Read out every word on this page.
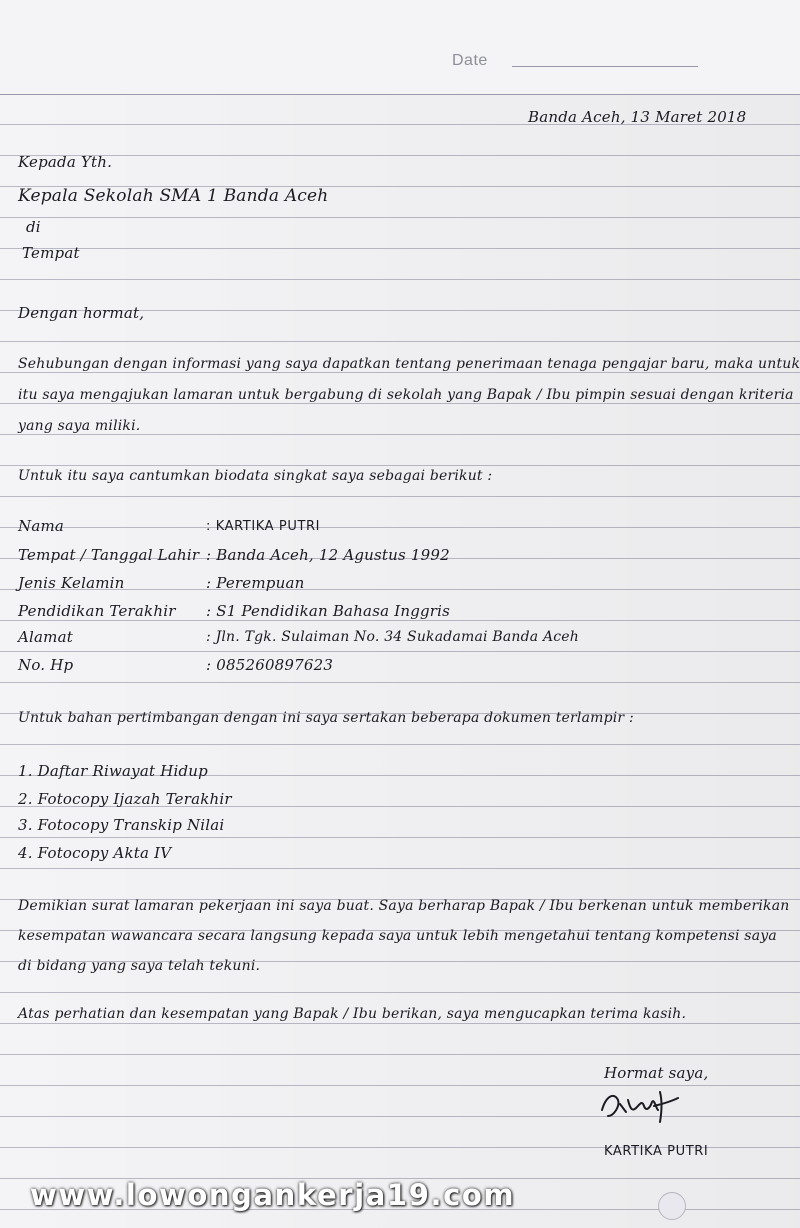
Date
Banda Aceh, 13 Maret 2018
Kepada Yth.
Kepala Sekolah SMA 1 Banda Aceh
di
Tempat
Dengan hormat,
Sehubungan dengan informasi yang saya dapatkan tentang penerimaan tenaga pengajar baru, maka untuk
itu saya mengajukan lamaran untuk bergabung di sekolah yang Bapak / Ibu pimpin sesuai dengan kriteria
yang saya miliki.
Untuk itu saya cantumkan biodata singkat saya sebagai berikut :
Nama	: KARTIKA PUTRI
Tempat / Tanggal Lahir : Banda Aceh, 12 Agustus 1992
Jenis Kelamin	: Perempuan
Pendidikan Terakhir : S1 Pendidikan Bahasa Inggris
Alamat	: Jln. Tgk. Sulaiman No. 34 Sukadamai Banda Aceh
No. Hp	: 085260897623
Untuk bahan pertimbangan dengan ini saya sertakan beberapa dokumen terlampir :
1. Daftar Riwayat Hidup
2. Fotocopy Ijazah Terakhir
3. Fotocopy Transkip Nilai
4. Fotocopy Akta IV
Demikian surat lamaran pekerjaan ini saya buat. Saya berharap Bapak / Ibu berkenan untuk memberikan
kesempatan wawancara secara langsung kepada saya untuk lebih mengetahui tentang kompetensi saya
di bidang yang saya telah tekuni.
Atas perhatian dan kesempatan yang Bapak / Ibu berikan, saya mengucapkan terima kasih.
Hormat saya,
KARTIKA PUTRI
www.lowongankerja19.com
